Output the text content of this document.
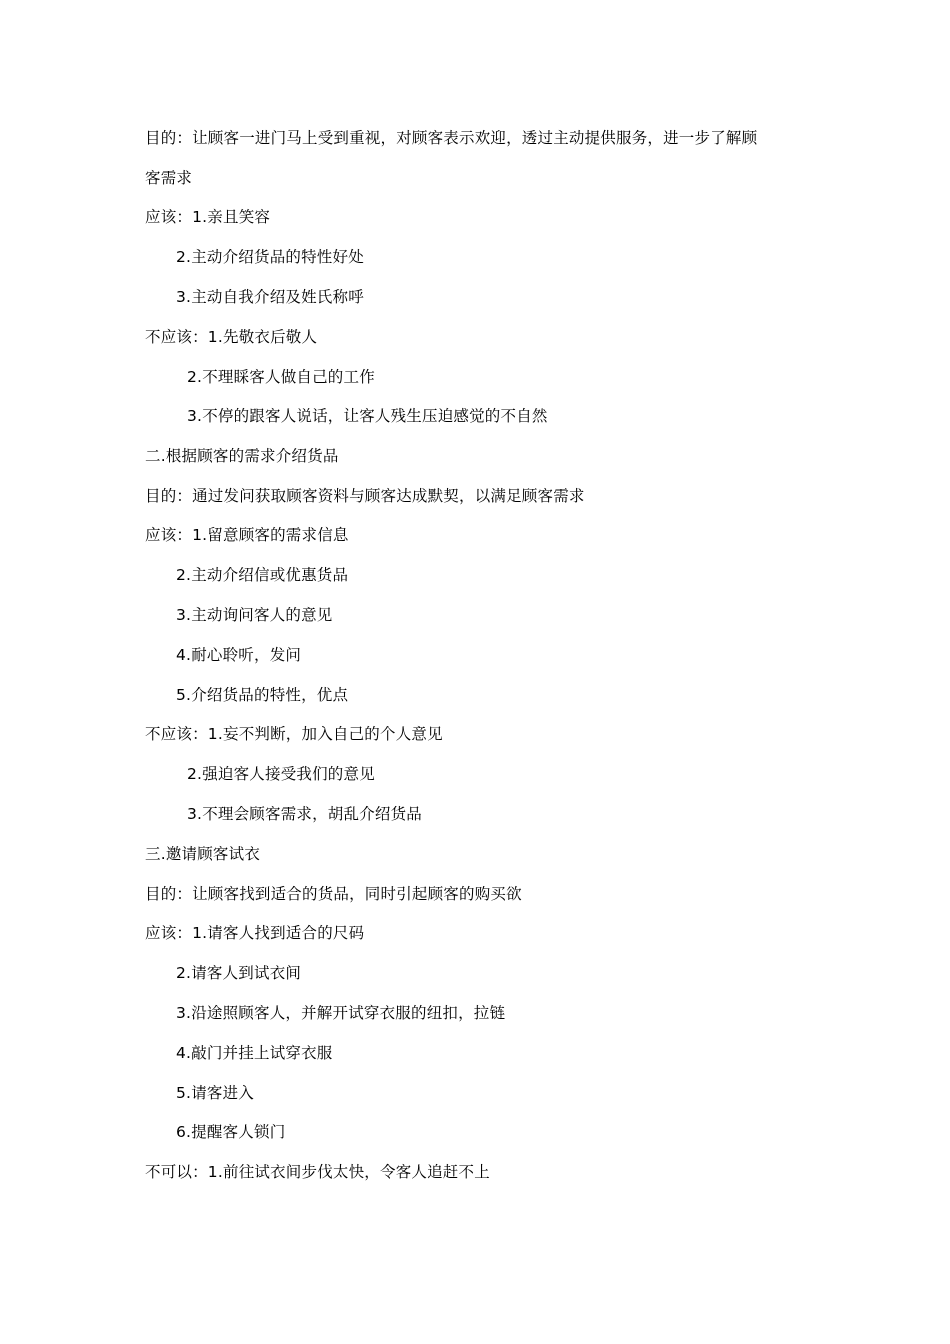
目的：让顾客一进门马上受到重视，对顾客表示欢迎，透过主动提供服务，进一步了解顾
客需求
应该：1.亲且笑容
2.主动介绍货品的特性好处
3.主动自我介绍及姓氏称呼
不应该：1.先敬衣后敬人
2.不理睬客人做自己的工作
3.不停的跟客人说话，让客人残生压迫感觉的不自然
二.根据顾客的需求介绍货品
目的：通过发问获取顾客资料与顾客达成默契，以满足顾客需求
应该：1.留意顾客的需求信息
2.主动介绍信或优惠货品
3.主动询问客人的意见
4.耐心聆听，发问
5.介绍货品的特性，优点
不应该：1.妄不判断，加入自己的个人意见
2.强迫客人接受我们的意见
3.不理会顾客需求，胡乱介绍货品
三.邀请顾客试衣
目的：让顾客找到适合的货品，同时引起顾客的购买欲
应该：1.请客人找到适合的尺码
2.请客人到试衣间
3.沿途照顾客人，并解开试穿衣服的纽扣，拉链
4.敲门并挂上试穿衣服
5.请客进入
6.提醒客人锁门
不可以：1.前往试衣间步伐太快，令客人追赶不上
